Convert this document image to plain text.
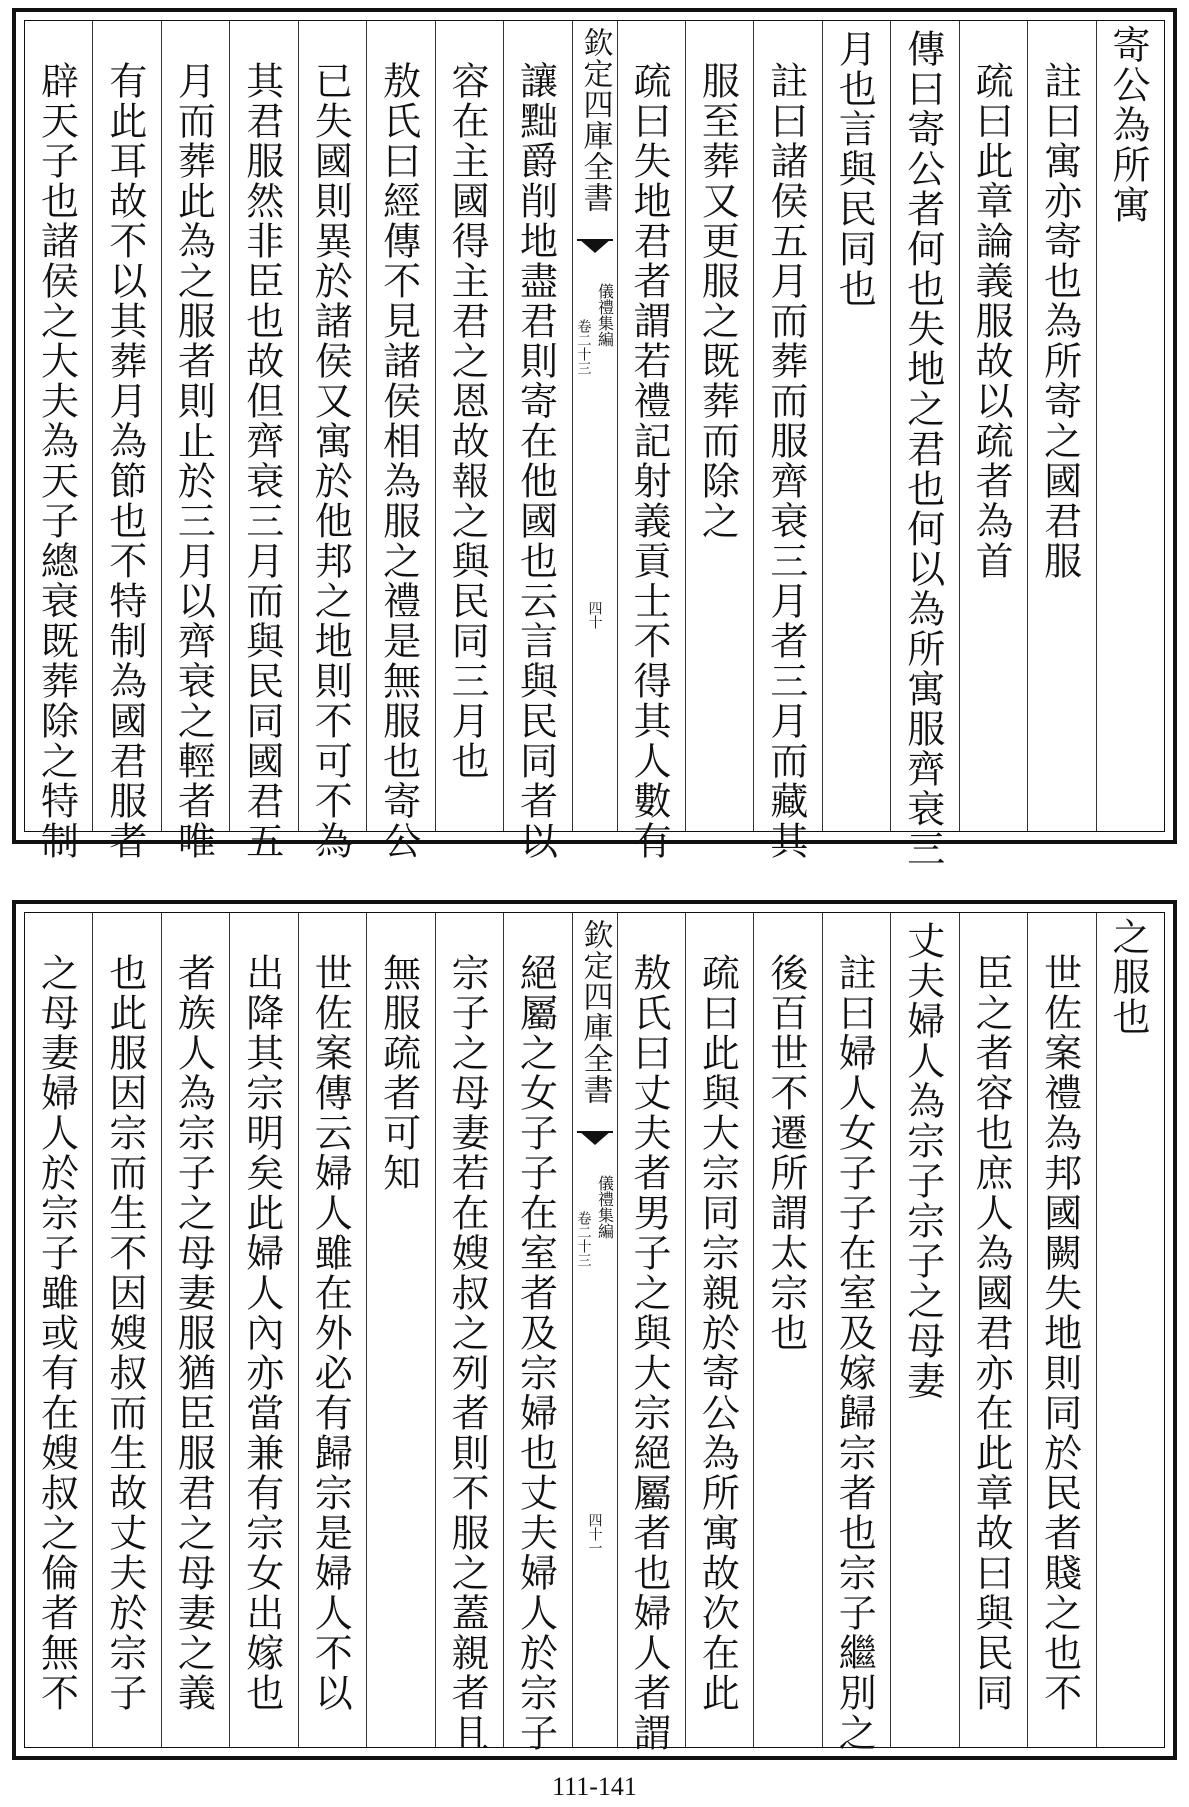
寄公為所寓
註曰寓亦寄也為所寄之國君服
疏曰此章論義服故以疏者為首
傳曰寄公者何也失地之君也何以為所寓服齊衰三
月也言與民同也
註曰諸侯五月而葬而服齊衰三月者三月而藏其
服至葬又更服之既葬而除之
疏曰失地君者謂若禮記射義貢士不得其人數有
欽定四庫全書
儀禮集編
卷二十三
四十
讓黜爵削地盡君則寄在他國也云言與民同者以
容在主國得主君之恩故報之與民同三月也
敖氏曰經傳不見諸侯相為服之禮是無服也寄公
已失國則異於諸侯又寓於他邦之地則不可不為
其君服然非臣也故但齊衰三月而與民同國君五
月而葬此為之服者則止於三月以齊衰之輕者唯
有此耳故不以其葬月為節也不特制為國君服者
辟天子也諸侯之大夫為天子總衰既葬除之特制
之服也
世佐案禮為邦國闕失地則同於民者賤之也不
臣之者容也庶人為國君亦在此章故曰與民同
丈夫婦人為宗子宗子之母妻
註曰婦人女子子在室及嫁歸宗者也宗子繼別之
後百世不遷所謂太宗也
疏曰此與大宗同宗親於寄公為所寓故次在此
敖氏曰丈夫者男子之與大宗絕屬者也婦人者謂
欽定四庫全書
儀禮集編
卷二十三
四十一
絕屬之女子子在室者及宗婦也丈夫婦人於宗子
宗子之母妻若在嫂叔之列者則不服之蓋親者且
無服疏者可知
世佐案傳云婦人雖在外必有歸宗是婦人不以
出降其宗明矣此婦人內亦當兼有宗女出嫁也
者族人為宗子之母妻服猶臣服君之母妻之義
也此服因宗而生不因嫂叔而生故丈夫於宗子
之母妻婦人於宗子雖或有在嫂叔之倫者無不
111-141
